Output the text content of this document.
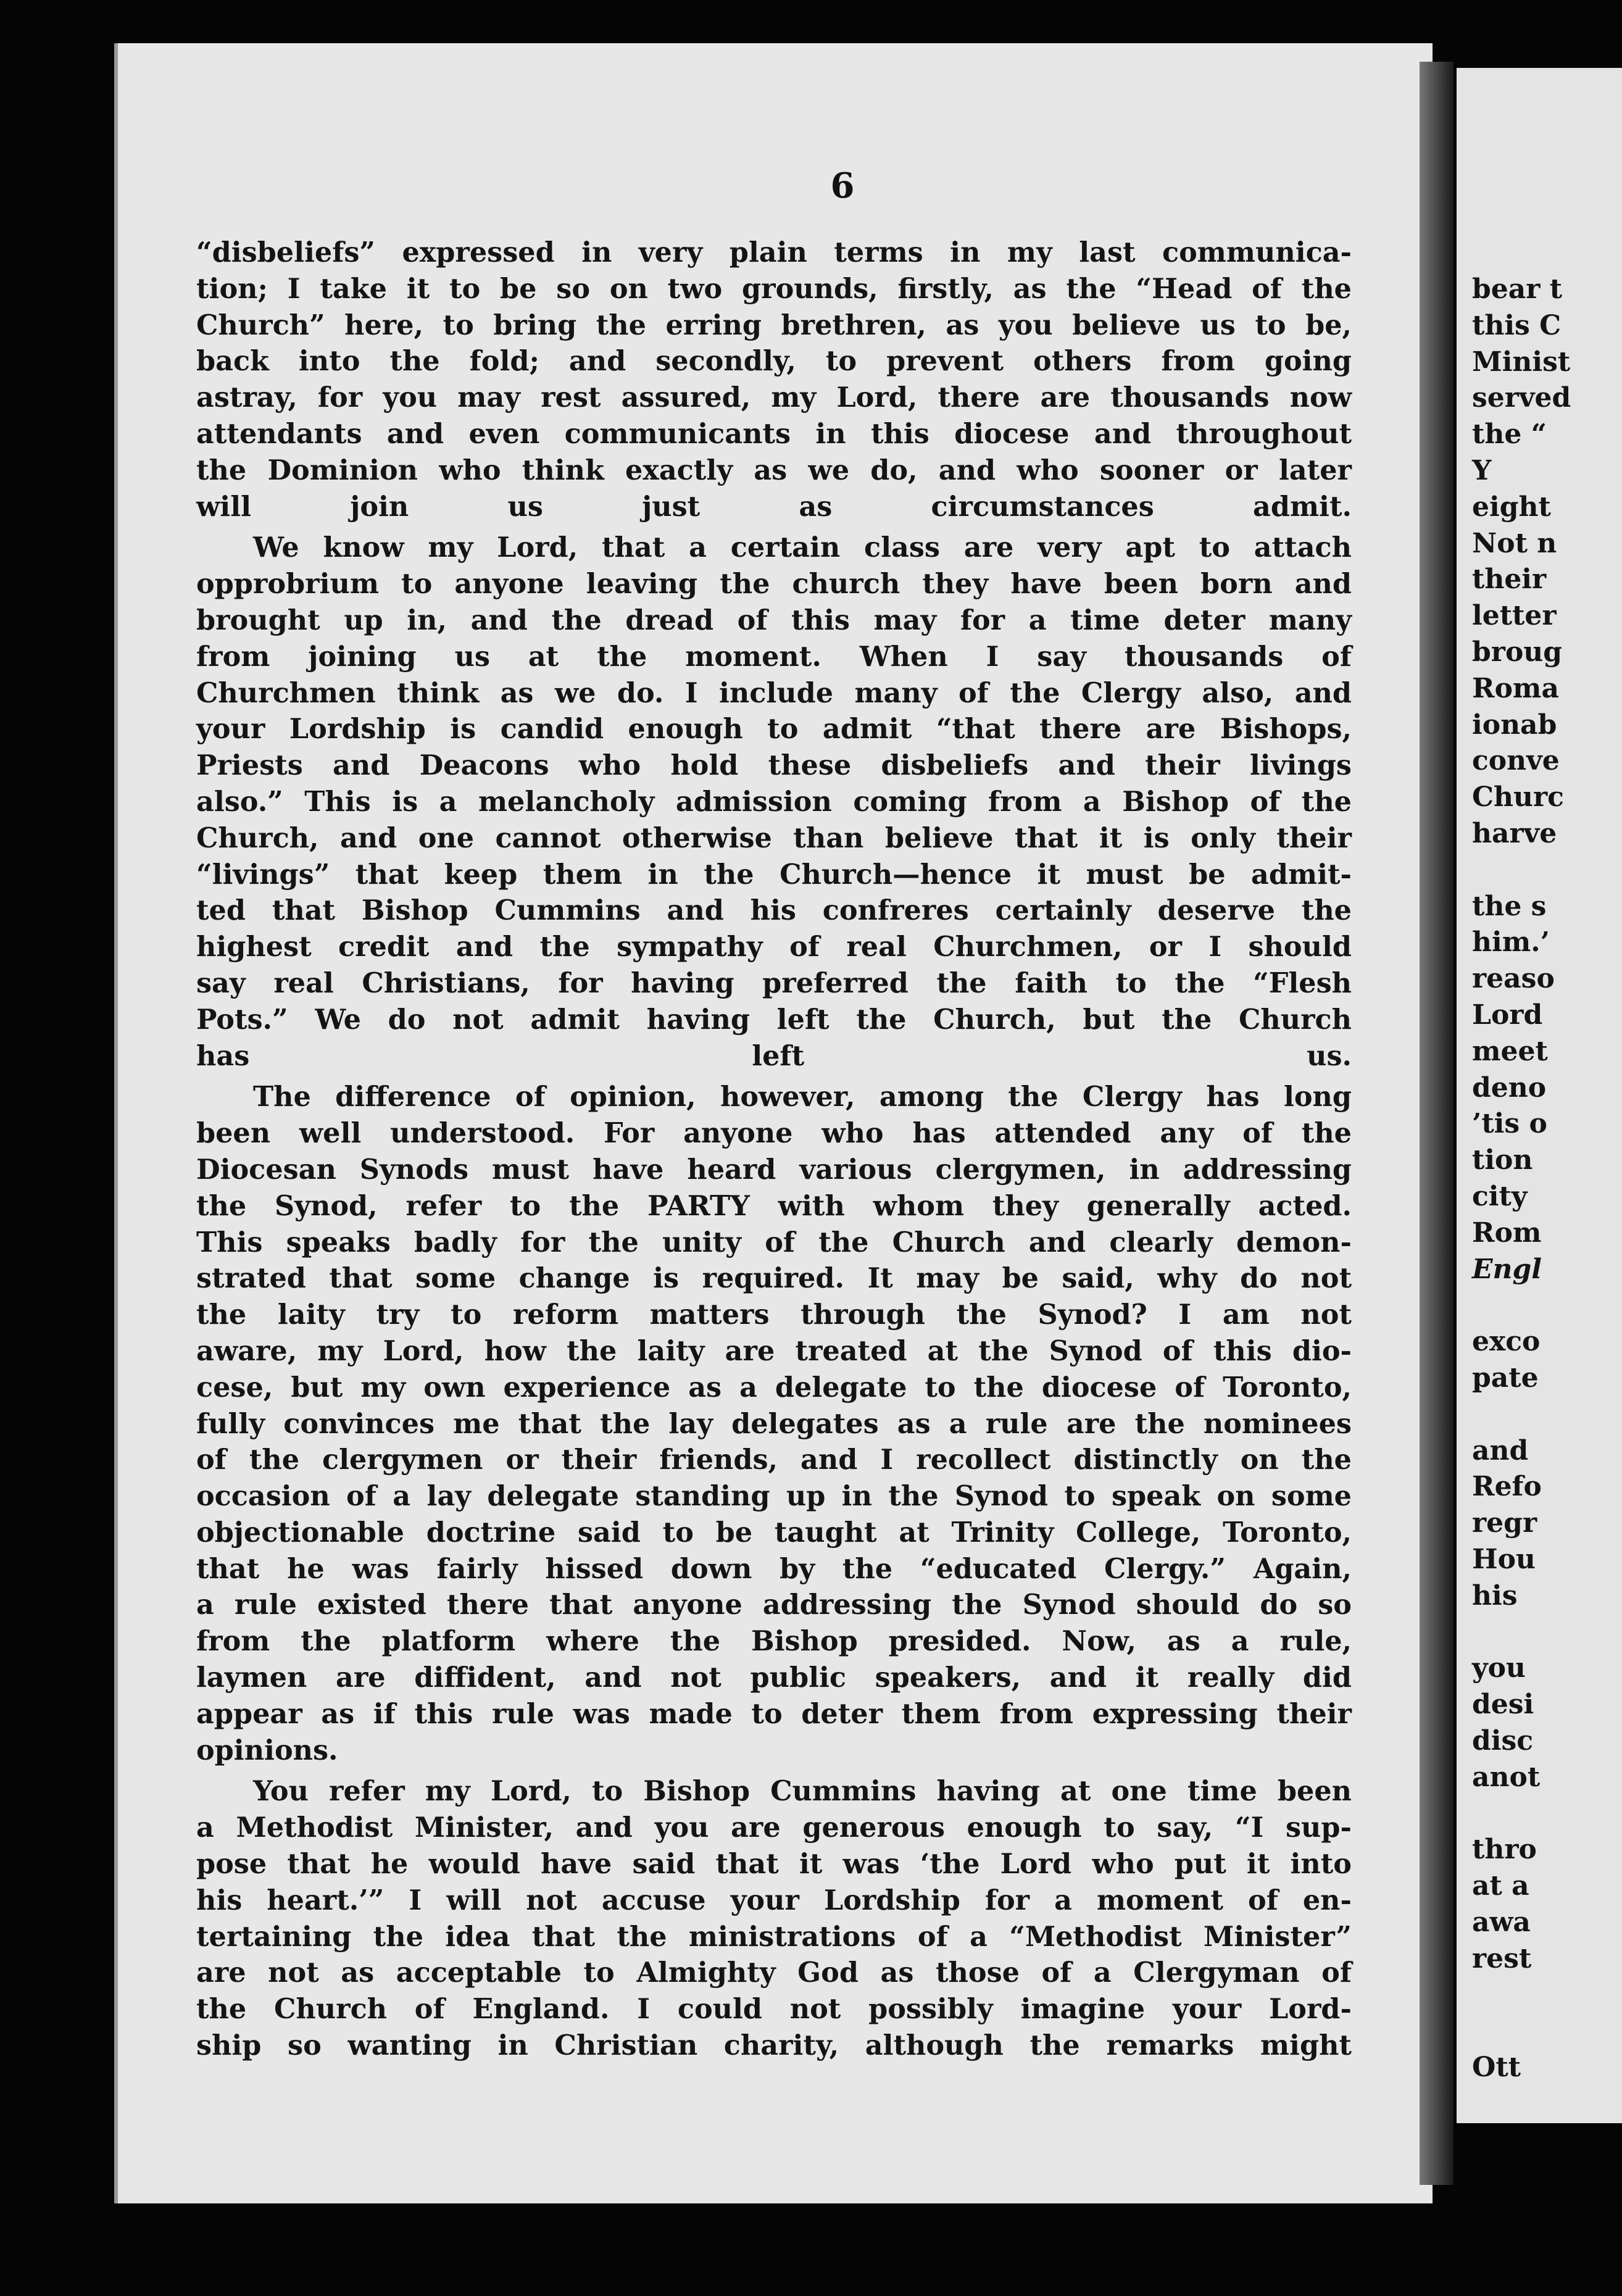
bear t
this C
Minist
served
the “
Y
eight
Not n
their
letter
broug
Roma
ionab
conve
Churc
harve
the s
him.’
reaso
Lord
meet
deno
’tis o
tion
city
Rom
Engl
exco
pate
and
Refo
regr
Hou
his
you
desi
disc
anot
thro
at a
awa
rest
Ott
6
“disbeliefs” expressed in very plain terms in my last communica-
tion; I take it to be so on two grounds, firstly, as the “Head of the
Church” here, to bring the erring brethren, as you believe us to be,
back into the fold; and secondly, to prevent others from going
astray, for you may rest assured, my Lord, there are thousands now
attendants and even communicants in this diocese and throughout
the Dominion who think exactly as we do, and who sooner or later
will join us just as circumstances admit.
We know my Lord, that a certain class are very apt to attach
opprobrium to anyone leaving the church they have been born and
brought up in, and the dread of this may for a time deter many
from joining us at the moment. When I say thousands of
Churchmen think as we do. I include many of the Clergy also, and
your Lordship is candid enough to admit “that there are Bishops,
Priests and Deacons who hold these disbeliefs and their livings
also.” This is a melancholy admission coming from a Bishop of the
Church, and one cannot otherwise than believe that it is only their
“livings” that keep them in the Church—hence it must be admit-
ted that Bishop Cummins and his confreres certainly deserve the
highest credit and the sympathy of real Churchmen, or I should
say real Christians, for having preferred the faith to the “Flesh
Pots.” We do not admit having left the Church, but the Church
has left us.
The difference of opinion, however, among the Clergy has long
been well understood. For anyone who has attended any of the
Diocesan Synods must have heard various clergymen, in addressing
the Synod, refer to the PARTY with whom they generally acted.
This speaks badly for the unity of the Church and clearly demon-
strated that some change is required. It may be said, why do not
the laity try to reform matters through the Synod? I am not
aware, my Lord, how the laity are treated at the Synod of this dio-
cese, but my own experience as a delegate to the diocese of Toronto,
fully convinces me that the lay delegates as a rule are the nominees
of the clergymen or their friends, and I recollect distinctly on the
occasion of a lay delegate standing up in the Synod to speak on some
objectionable doctrine said to be taught at Trinity College, Toronto,
that he was fairly hissed down by the “educated Clergy.” Again,
a rule existed there that anyone addressing the Synod should do so
from the platform where the Bishop presided. Now, as a rule,
laymen are diffident, and not public speakers, and it really did
appear as if this rule was made to deter them from expressing their
opinions.
You refer my Lord, to Bishop Cummins having at one time been
a Methodist Minister, and you are generous enough to say, “I sup-
pose that he would have said that it was ‘the Lord who put it into
his heart.’” I will not accuse your Lordship for a moment of en-
tertaining the idea that the ministrations of a “Methodist Minister”
are not as acceptable to Almighty God as those of a Clergyman of
the Church of England. I could not possibly imagine your Lord-
ship so wanting in Christian charity, although the remarks might
